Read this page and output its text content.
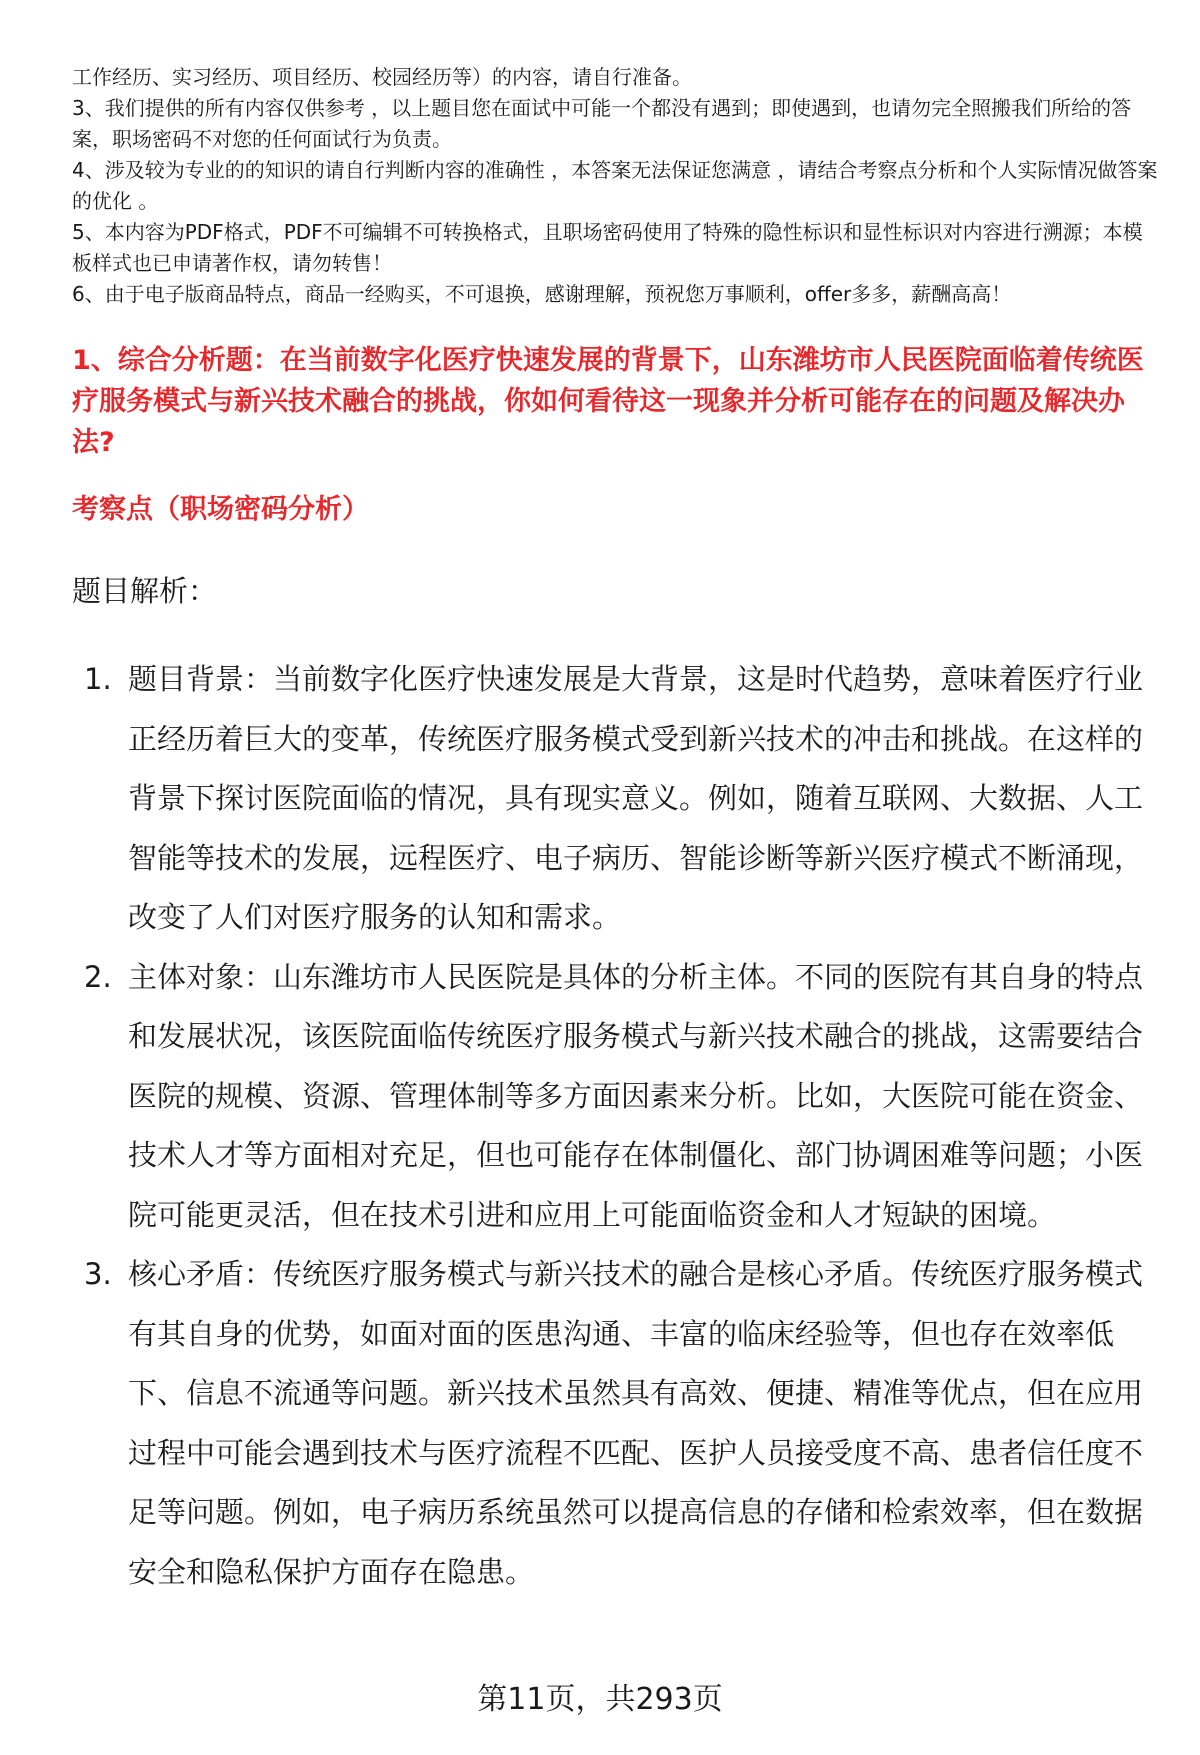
工作经历、实习经历、项目经历、校园经历等）的内容，请自行准备。

3、我们提供的所有内容仅供参考 ，以上题目您在面试中可能一个都没有遇到；即使遇到，也请勿完全照搬我们所给的答案，职场密码不对您的任何面试行为负责。

4、涉及较为专业的的知识的请自行判断内容的准确性 ，本答案无法保证您满意 ，请结合考察点分析和个人实际情况做答案的优化 。

5、本内容为PDF格式，PDF不可编辑不可转换格式，且职场密码使用了特殊的隐性标识和显性标识对内容进行溯源；本模板样式也已申请著作权，请勿转售！

6、由于电子版商品特点，商品一经购买，不可退换，感谢理解，预祝您万事顺利，offer多多，薪酬高高！

1、综合分析题：在当前数字化医疗快速发展的背景下，山东潍坊市人民医院面临着传统医疗服务模式与新兴技术融合的挑战，你如何看待这一现象并分析可能存在的问题及解决办法?
考察点（职场密码分析）

题目解析：

1. 题目背景：当前数字化医疗快速发展是大背景，这是时代趋势，意味着医疗行业正经历着巨大的变革，传统医疗服务模式受到新兴技术的冲击和挑战。在这样的背景下探讨医院面临的情况，具有现实意义。例如，随着互联网、大数据、人工智能等技术的发展，远程医疗、电子病历、智能诊断等新兴医疗模式不断涌现，改变了人们对医疗服务的认知和需求。
2. 主体对象：山东潍坊市人民医院是具体的分析主体。不同的医院有其自身的特点和发展状况，该医院面临传统医疗服务模式与新兴技术融合的挑战，这需要结合医院的规模、资源、管理体制等多方面因素来分析。比如，大医院可能在资金、技术人才等方面相对充足，但也可能存在体制僵化、部门协调困难等问题；小医院可能更灵活，但在技术引进和应用上可能面临资金和人才短缺的困境。
3. 核心矛盾：传统医疗服务模式与新兴技术的融合是核心矛盾。传统医疗服务模式有其自身的优势，如面对面的医患沟通、丰富的临床经验等，但也存在效率低下、信息不流通等问题。新兴技术虽然具有高效、便捷、精准等优点，但在应用过程中可能会遇到技术与医疗流程不匹配、医护人员接受度不高、患者信任度不足等问题。例如，电子病历系统虽然可以提高信息的存储和检索效率，但在数据安全和隐私保护方面存在隐患。
第11页，共293页
